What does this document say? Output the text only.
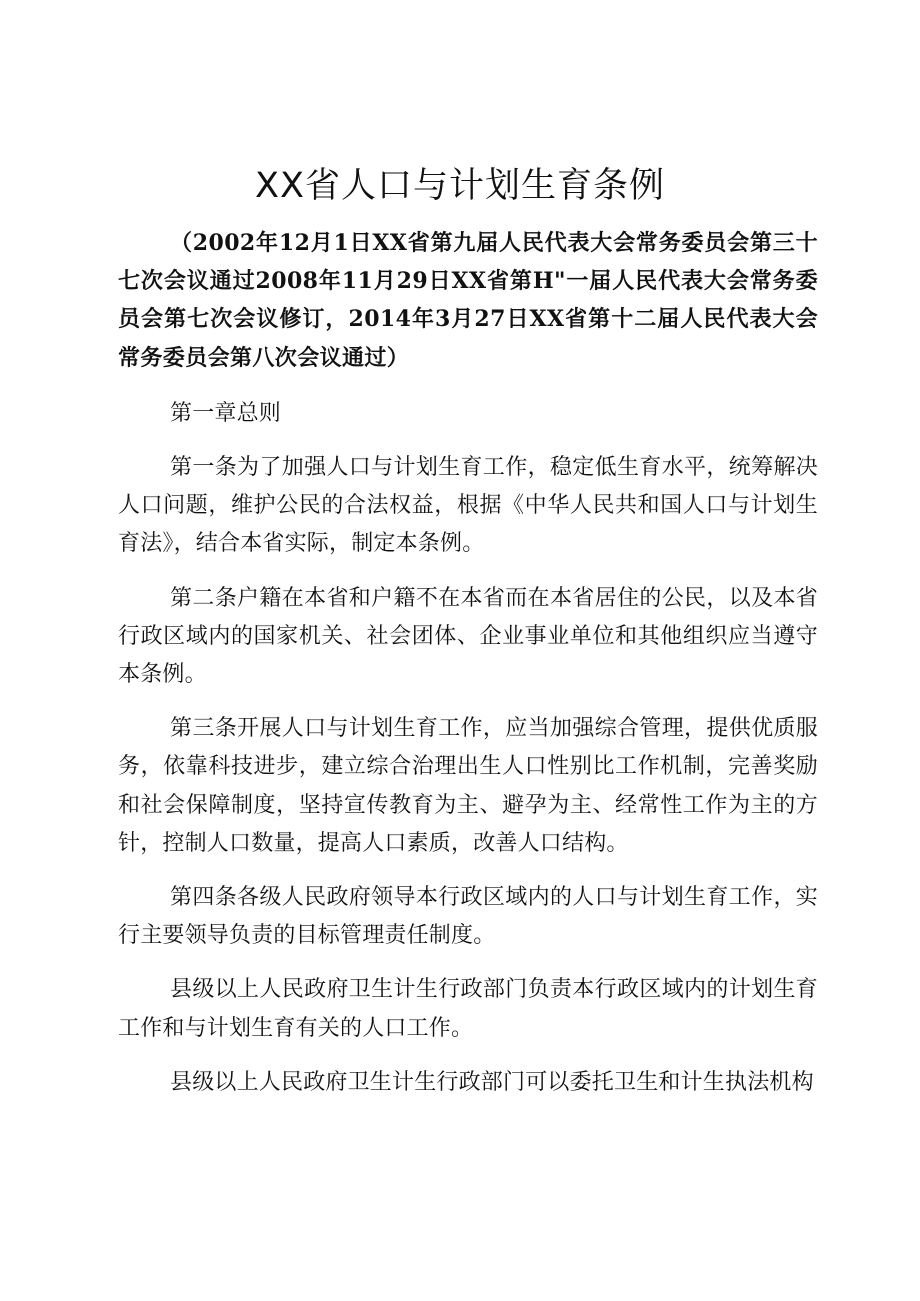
XX省人口与计划生育条例

（2002年12月1日XX省第九届人民代表大会常务委员会第三十七次会议通过2008年11月29日XX省第H"一届人民代表大会常务委员会第七次会议修订，2014年3月27日XX省第十二届人民代表大会常务委员会第八次会议通过）

第一章总则

第一条为了加强人口与计划生育工作，稳定低生育水平，统筹解决人口问题，维护公民的合法权益，根据《中华人民共和国人口与计划生育法》，结合本省实际，制定本条例。

第二条户籍在本省和户籍不在本省而在本省居住的公民，以及本省行政区域内的国家机关、社会团体、企业事业单位和其他组织应当遵守本条例。

第三条开展人口与计划生育工作，应当加强综合管理，提供优质服务，依靠科技进步，建立综合治理出生人口性别比工作机制，完善奖励和社会保障制度，坚持宣传教育为主、避孕为主、经常性工作为主的方针，控制人口数量，提高人口素质，改善人口结构。

第四条各级人民政府领导本行政区域内的人口与计划生育工作，实行主要领导负责的目标管理责任制度。

县级以上人民政府卫生计生行政部门负责本行政区域内的计划生育工作和与计划生育有关的人口工作。

县级以上人民政府卫生计生行政部门可以委托卫生和计生执法机构
